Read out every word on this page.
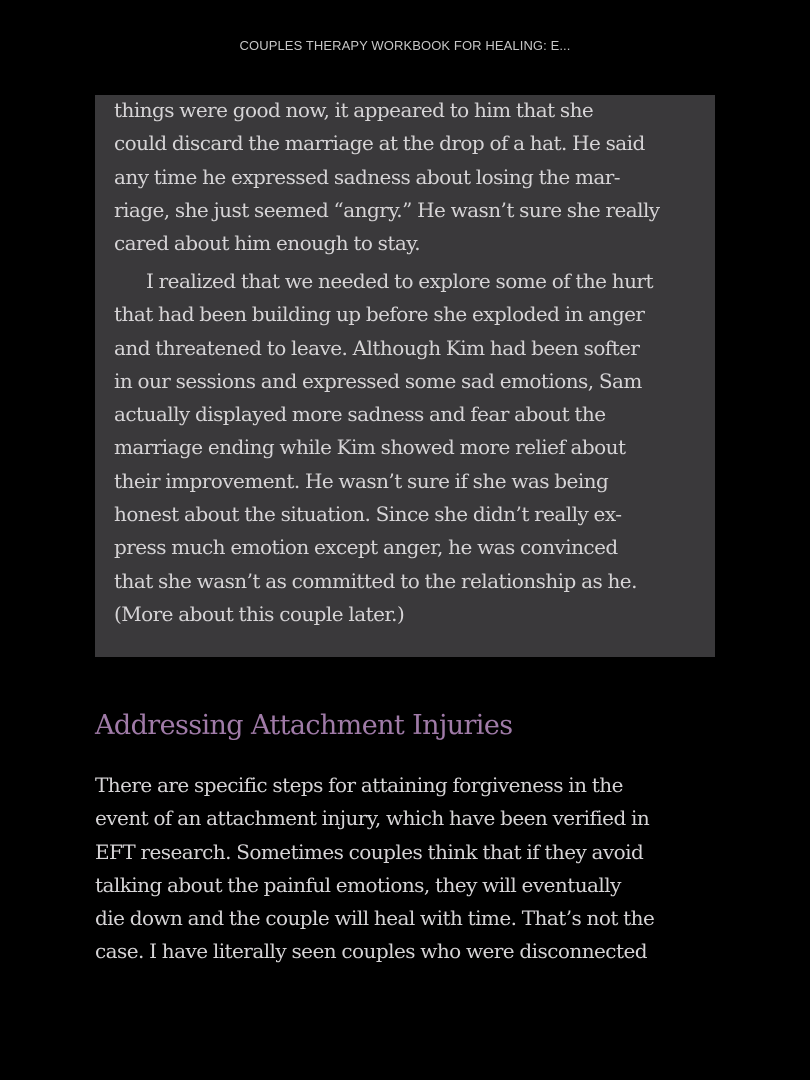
COUPLES THERAPY WORKBOOK FOR HEALING: E...

things were good now, it appeared to him that she
could discard the marriage at the drop of a hat. He said
any time he expressed sadness about losing the mar-
riage, she just seemed “angry.” He wasn’t sure she really
cared about him enough to stay.

I realized that we needed to explore some of the hurt
that had been building up before she exploded in anger
and threatened to leave. Although Kim had been softer
in our sessions and expressed some sad emotions, Sam
actually displayed more sadness and fear about the
marriage ending while Kim showed more relief about
their improvement. He wasn’t sure if she was being
honest about the situation. Since she didn’t really ex-
press much emotion except anger, he was convinced
that she wasn’t as committed to the relationship as he.
(More about this couple later.)

Addressing Attachment Injuries

There are specific steps for attaining forgiveness in the
event of an attachment injury, which have been verified in
EFT research. Sometimes couples think that if they avoid
talking about the painful emotions, they will eventually
die down and the couple will heal with time. That’s not the
case. I have literally seen couples who were disconnected
